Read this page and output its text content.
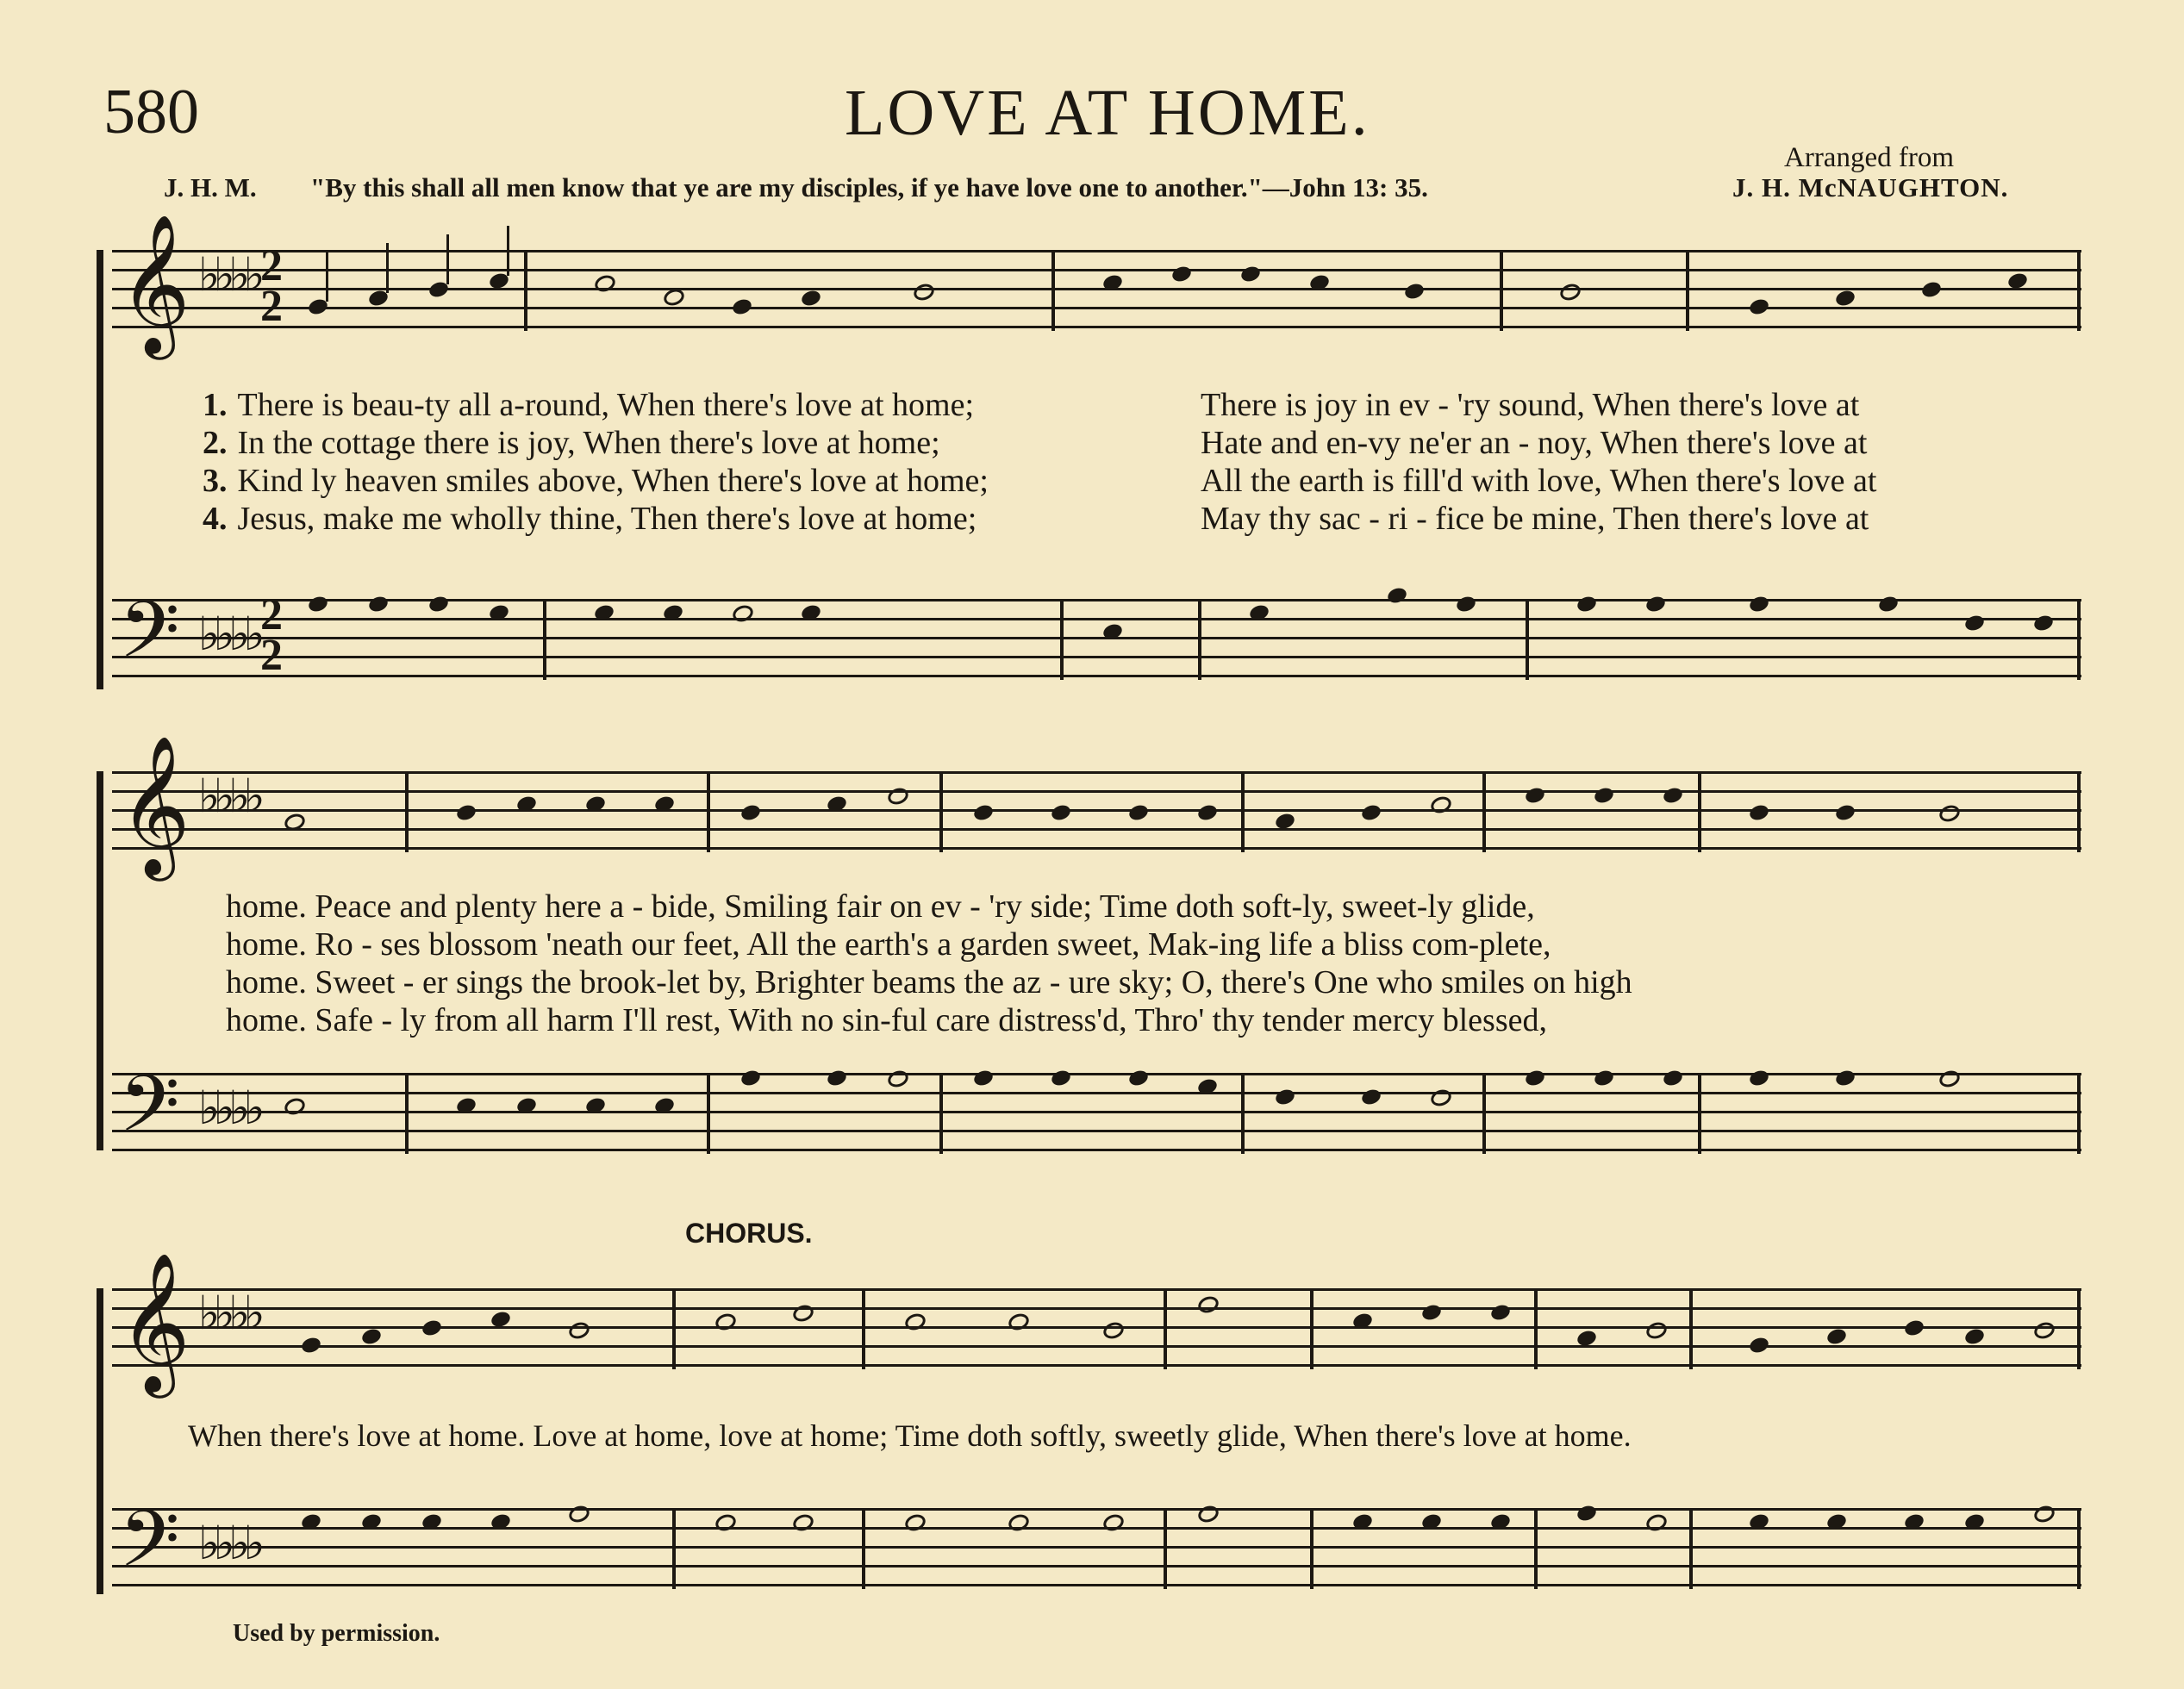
580	LOVE AT HOME.
Arranged from
J. H. M. "By this shall all men know that ye are my disciples, if ye have love one to another."—John 13: 35.	J. H. McNAUGHTON.
𝄞 ♭♭♭♭ 2
2
1. There is beau-ty all a-round, When there's love at home;	There is joy in ev - 'ry sound, When there's love at
2. In the cottage there is joy, When there's love at home;	Hate and en-vy ne'er an - noy, When there's love at
3. Kind ly heaven smiles above, When there's love at home;	All the earth is fill'd with love, When there's love at
4. Jesus, make me wholly thine, Then there's love at home;	May thy sac - ri - fice be mine, Then there's love at
𝄢 ♭♭♭♭ 2
2
𝄞 ♭♭♭♭
home. Peace and plenty here a - bide, Smiling fair on ev - 'ry side; Time doth soft-ly, sweet-ly glide,
home. Ro - ses blossom 'neath our feet, All the earth's a garden sweet, Mak-ing life a bliss com-plete,
home. Sweet - er sings the brook-let by, Brighter beams the az - ure sky; O, there's One who smiles on high
home. Safe - ly from all harm I'll rest, With no sin-ful care distress'd, Thro' thy tender mercy blessed,
𝄢 ♭♭♭♭
CHORUS.
𝄞 ♭♭♭♭
When there's love at home. Love at home, love at home; Time doth softly, sweetly glide, When there's love at home.
𝄢 ♭♭♭♭
Used by permission.
